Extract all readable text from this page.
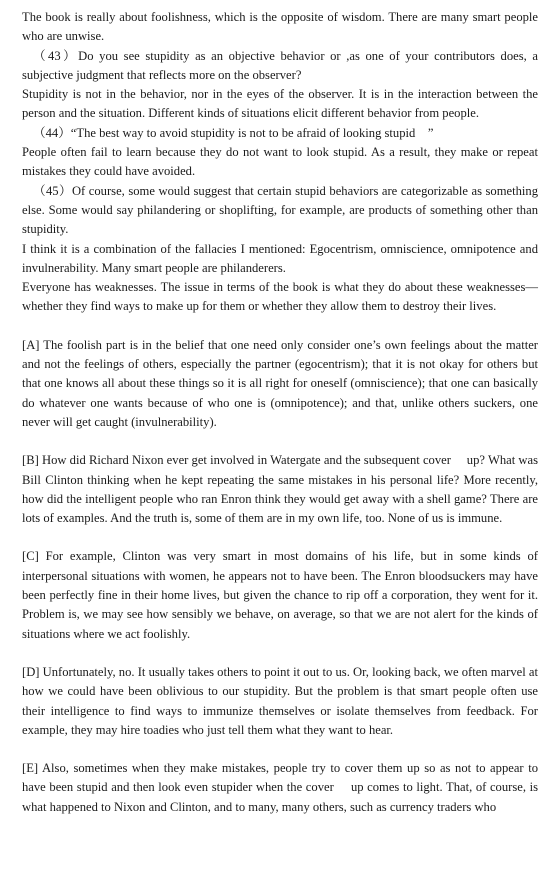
The book is really about foolishness, which is the opposite of wisdom. There are many smart people who are unwise.

（43）Do you see stupidity as an objective behavior or ,as one of your contributors does, a subjective judgment that reflects more on the observer?

Stupidity is not in the behavior, nor in the eyes of the observer. It is in the interaction between the person and the situation. Different kinds of situations elicit different behavior from people.

（44）“The best way to avoid stupidity is not to be afraid of looking stupid　”

People often fail to learn because they do not want to look stupid. As a result, they make or repeat mistakes they could have avoided.

（45）Of course, some would suggest that certain stupid behaviors are categorizable as something else. Some would say philandering or shoplifting, for example, are products of something other than stupidity.

I think it is a combination of the fallacies I mentioned: Egocentrism, omniscience, omnipotence and invulnerability. Many smart people are philanderers.

Everyone has weaknesses. The issue in terms of the book is what they do about these weaknesses—whether they find ways to make up for them or whether they allow them to destroy their lives.

[A] The foolish part is in the belief that one need only consider one’s own feelings about the matter and not the feelings of others, especially the partner (egocentrism); that it is not okay for others but that one knows all about these things so it is all right for oneself (omniscience); that one can basically do whatever one wants because of who one is (omnipotence); and that, unlike others suckers, one never will get caught (invulnerability).

[B] How did Richard Nixon ever get involved in Watergate and the subsequent cover　 up? What was Bill Clinton thinking when he kept repeating the same mistakes in his personal life? More recently, how did the intelligent people who ran Enron think they would get away with a shell game? There are lots of examples. And the truth is, some of them are in my own life, too. None of us is immune.

[C] For example, Clinton was very smart in most domains of his life, but in some kinds of interpersonal situations with women, he appears not to have been. The Enron bloodsuckers may have been perfectly fine in their home lives, but given the chance to rip off a corporation, they went for it. Problem is, we may see how sensibly we behave, on average, so that we are not alert for the kinds of situations where we act foolishly.

[D] Unfortunately, no. It usually takes others to point it out to us. Or, looking back, we often marvel at how we could have been oblivious to our stupidity. But the problem is that smart people often use their intelligence to find ways to immunize themselves or isolate themselves from feedback. For example, they may hire toadies who just tell them what they want to hear.

[E] Also, sometimes when they make mistakes, people try to cover them up so as not to appear to have been stupid and then look even stupider when the cover　 up comes to light. That, of course, is what happened to Nixon and Clinton, and to many, many others, such as currency traders who
